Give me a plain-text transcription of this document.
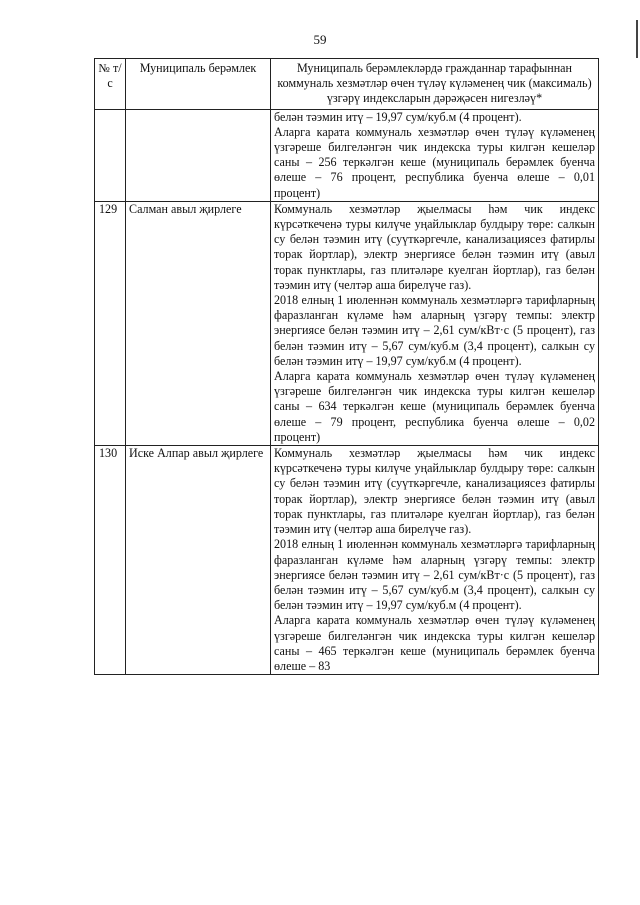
59
№ т/с	Муниципаль берәмлек	Муниципаль берәмлекләрдә гражданнар тарафыннан коммуналь хезмәтләр өчен түләү күләменең чик (максималь) үзгәрү индексларын дәрәҗәсен нигезләү*

		белән тәэмин итү – 19,97 сум/куб.м (4 процент).

Аларга карата коммуналь хезмәтләр өчен түләү күләменең үзгәреше билгеләнгән чик индекска туры килгән кешеләр саны – 256 теркәлгән кеше (муниципаль берәмлек буенча өлеше – 76 процент, республика буенча өлеше – 0,01 процент)

129	Салман авыл җирлеге	Коммуналь хезмәтләр җыелмасы һәм чик индекс күрсәткеченә туры килүче уңайлыклар булдыру төре: салкын су белән тәэмин итү (суүткәргечле, канализациясез фатирлы торак йортлар), электр энергиясе белән тәэмин итү (авыл торак пунктлары, газ плитәләре куелган йортлар), газ белән тәэмин итү (челтәр аша бирелүче газ).

2018 елның 1 июленнән коммуналь хезмәтләргә тарифларның фаразланган күләме һәм аларның үзгәрү темпы: электр энергиясе белән тәэмин итү – 2,61 сум/кВт·с (5 процент), газ белән тәэмин итү – 5,67 сум/куб.м (3,4 процент), салкын су белән тәэмин итү – 19,97 сум/куб.м (4 процент).

Аларга карата коммуналь хезмәтләр өчен түләү күләменең үзгәреше билгеләнгән чик индекска туры килгән кешеләр саны – 634 теркәлгән кеше (муниципаль берәмлек буенча өлеше – 79 процент, республика буенча өлеше – 0,02 процент)

130	Иске Алпар авыл җирлеге	Коммуналь хезмәтләр җыелмасы һәм чик индекс күрсәткеченә туры килүче уңайлыклар булдыру төре: салкын су белән тәэмин итү (суүткәргечле, канализациясез фатирлы торак йортлар), электр энергиясе белән тәэмин итү (авыл торак пунктлары, газ плитәләре куелган йортлар), газ белән тәэмин итү (челтәр аша бирелүче газ).

2018 елның 1 июленнән коммуналь хезмәтләргә тарифларның фаразланган күләме һәм аларның үзгәрү темпы: электр энергиясе белән тәэмин итү – 2,61 сум/кВт·с (5 процент), газ белән тәэмин итү – 5,67 сум/куб.м (3,4 процент), салкын су белән тәэмин итү – 19,97 сум/куб.м (4 процент).

Аларга карата коммуналь хезмәтләр өчен түләү күләменең үзгәреше билгеләнгән чик индекска туры килгән кешеләр саны – 465 теркәлгән кеше (муниципаль берәмлек буенча өлеше – 83
